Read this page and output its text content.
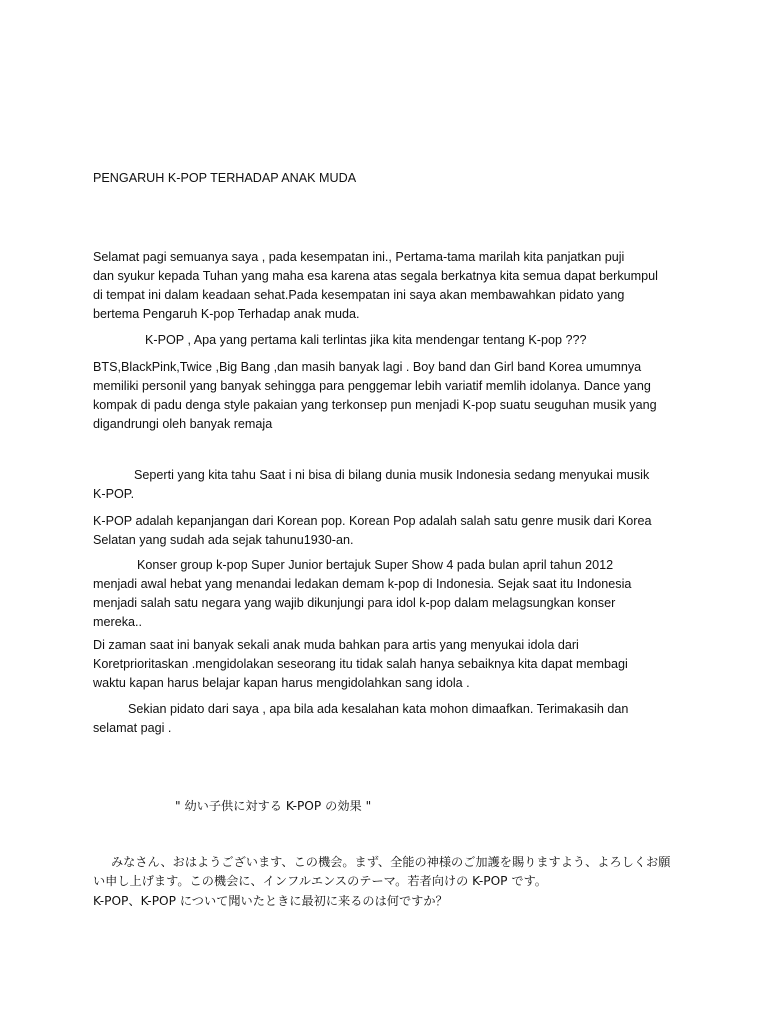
PENGARUH K-POP TERHADAP ANAK MUDA

Selamat pagi semuanya saya , pada kesempatan ini., Pertama-tama marilah kita panjatkan puji
dan syukur kepada Tuhan yang maha esa karena atas segala berkatnya kita semua dapat berkumpul
di tempat ini dalam keadaan sehat.Pada kesempatan ini saya akan membawahkan pidato yang
bertema Pengaruh K-pop Terhadap anak muda.

K-POP , Apa yang pertama kali terlintas jika kita mendengar tentang K-pop ???

BTS,BlackPink,Twice ,Big Bang ,dan masih banyak lagi . Boy band dan Girl band Korea umumnya
memiliki personil yang banyak sehingga para penggemar lebih variatif memlih idolanya. Dance yang
kompak di padu denga style pakaian yang terkonsep pun menjadi K-pop suatu seuguhan musik yang
digandrungi oleh banyak remaja

Seperti yang kita tahu Saat i ni bisa di bilang dunia musik Indonesia sedang menyukai musik
K-POP.

K-POP adalah kepanjangan dari Korean pop. Korean Pop adalah salah satu genre musik dari Korea
Selatan yang sudah ada sejak tahunu1930-an.

Konser group k-pop Super Junior bertajuk Super Show 4 pada bulan april tahun 2012
menjadi awal hebat yang menandai ledakan demam k-pop di Indonesia. Sejak saat itu Indonesia
menjadi salah satu negara yang wajib dikunjungi para idol k-pop dalam melagsungkan konser
mereka..

Di zaman saat ini banyak sekali anak muda bahkan para artis yang menyukai idola dari
Koretprioritaskan .mengidolakan seseorang itu tidak salah hanya sebaiknya kita dapat membagi
waktu kapan harus belajar kapan harus mengidolahkan sang idola .

Sekian pidato dari saya , apa bila ada kesalahan kata mohon dimaafkan. Terimakasih dan
selamat pagi .

" 幼い子供に対する K-POP の効果 "

みなさん、おはようございます、この機会。まず、全能の神様のご加護を賜りますよう、よろしくお願
い申し上げます。この機会に、インフルエンスのテーマ。若者向けの K-POP です。

K-POP、K-POP について聞いたときに最初に来るのは何ですか？
